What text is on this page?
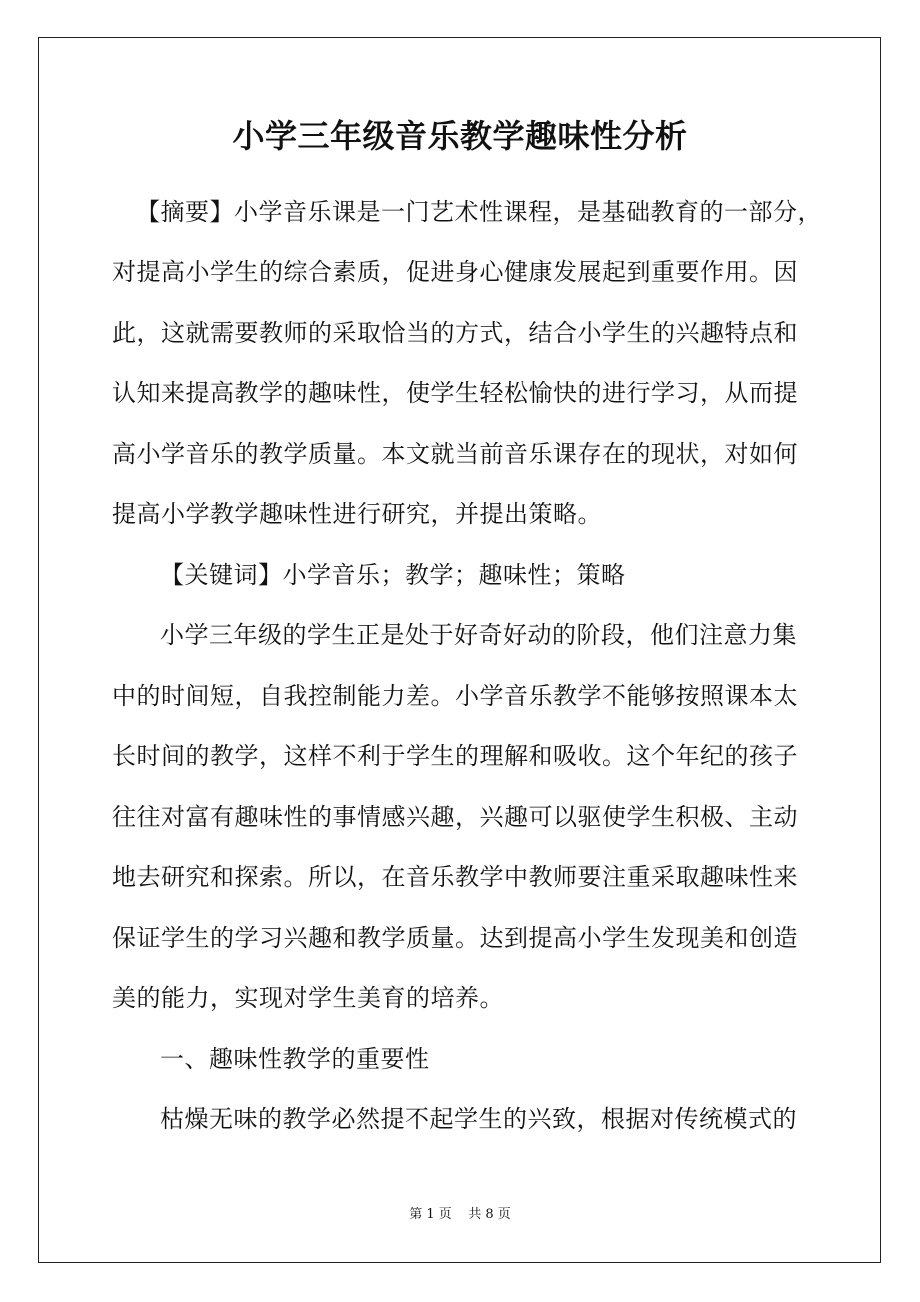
小学三年级音乐教学趣味性分析

【摘要】小学音乐课是一门艺术性课程，是基础教育的一部分，

对提高小学生的综合素质，促进身心健康发展起到重要作用。因

此，这就需要教师的采取恰当的方式，结合小学生的兴趣特点和

认知来提高教学的趣味性，使学生轻松愉快的进行学习，从而提

高小学音乐的教学质量。本文就当前音乐课存在的现状，对如何

提高小学教学趣味性进行研究，并提出策略。

【关键词】小学音乐；教学；趣味性；策略

小学三年级的学生正是处于好奇好动的阶段，他们注意力集

中的时间短，自我控制能力差。小学音乐教学不能够按照课本太

长时间的教学，这样不利于学生的理解和吸收。这个年纪的孩子

往往对富有趣味性的事情感兴趣，兴趣可以驱使学生积极、主动

地去研究和探索。所以，在音乐教学中教师要注重采取趣味性来

保证学生的学习兴趣和教学质量。达到提高小学生发现美和创造

美的能力，实现对学生美育的培养。

一、趣味性教学的重要性

枯燥无味的教学必然提不起学生的兴致，根据对传统模式的

第 1 页    共 8 页
